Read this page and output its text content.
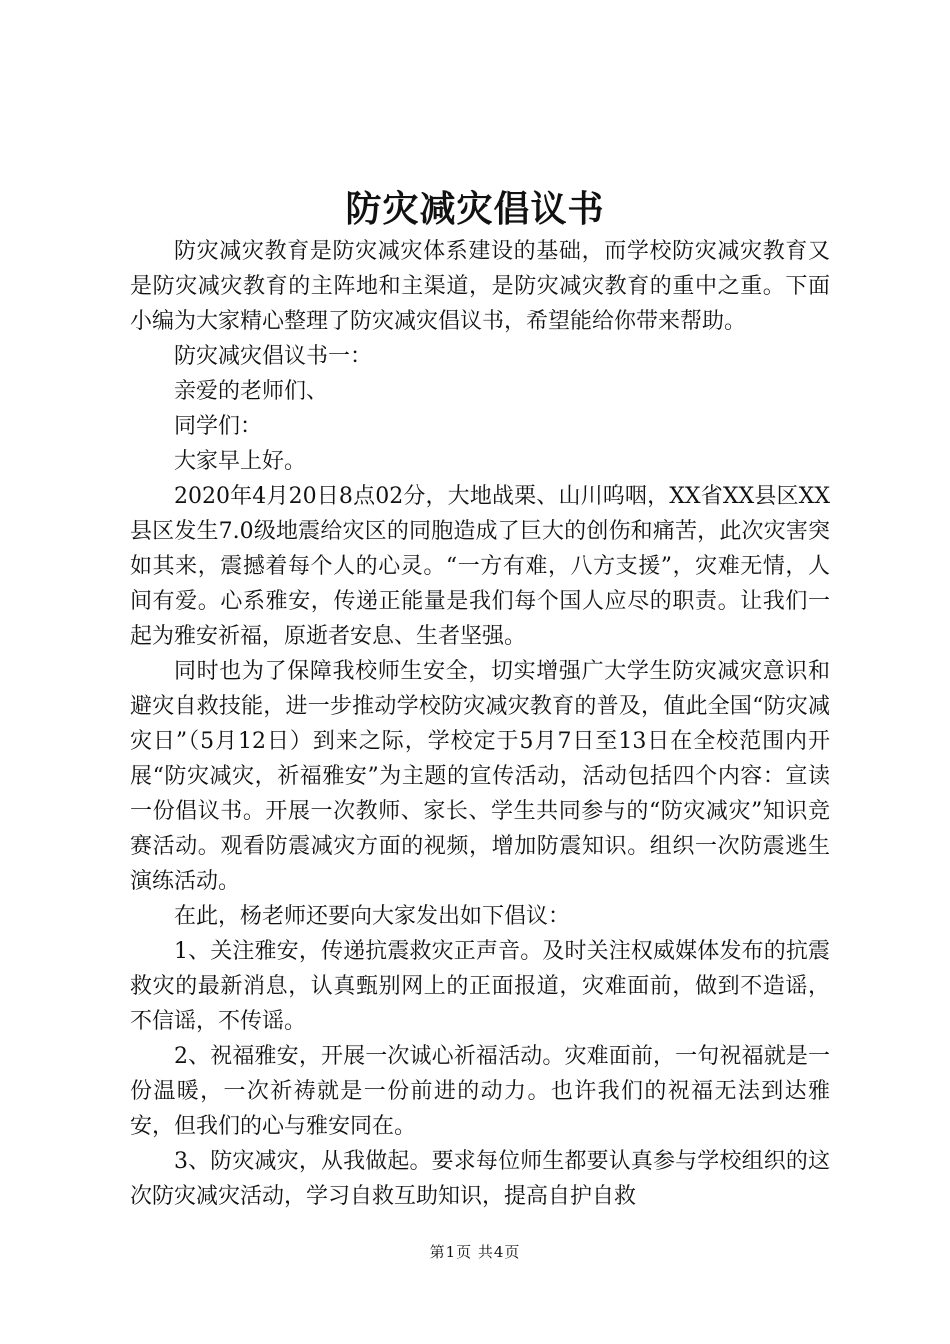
防灾减灾倡议书

防灾减灾教育是防灾减灾体系建设的基础，而学校防灾减灾教育又是防灾减灾教育的主阵地和主渠道，是防灾减灾教育的重中之重。下面小编为大家精心整理了防灾减灾倡议书，希望能给你带来帮助。

防灾减灾倡议书一：

亲爱的老师们、

同学们：

大家早上好。

2020年4月20日8点02分，大地战栗、山川呜咽，XX省XX县区XX县区发生7.0级地震给灾区的同胞造成了巨大的创伤和痛苦，此次灾害突如其来，震撼着每个人的心灵。“一方有难，八方支援”，灾难无情，人间有爱。心系雅安，传递正能量是我们每个国人应尽的职责。让我们一起为雅安祈福，原逝者安息、生者坚强。

同时也为了保障我校师生安全，切实增强广大学生防灾减灾意识和避灾自救技能，进一步推动学校防灾减灾教育的普及，值此全国“防灾减灾日”（5月12日）到来之际，学校定于5月7日至13日在全校范围内开展“防灾减灾，祈福雅安”为主题的宣传活动，活动包括四个内容：宣读一份倡议书。开展一次教师、家长、学生共同参与的“防灾减灾”知识竞赛活动。观看防震减灾方面的视频，增加防震知识。组织一次防震逃生演练活动。

在此，杨老师还要向大家发出如下倡议：

1、关注雅安，传递抗震救灾正声音。及时关注权威媒体发布的抗震救灾的最新消息，认真甄别网上的正面报道，灾难面前，做到不造谣，不信谣，不传谣。

2、祝福雅安，开展一次诚心祈福活动。灾难面前，一句祝福就是一份温暖，一次祈祷就是一份前进的动力。也许我们的祝福无法到达雅安，但我们的心与雅安同在。

3、防灾减灾，从我做起。要求每位师生都要认真参与学校组织的这次防灾减灾活动，学习自救互助知识，提高自护自救

第1页 共4页
